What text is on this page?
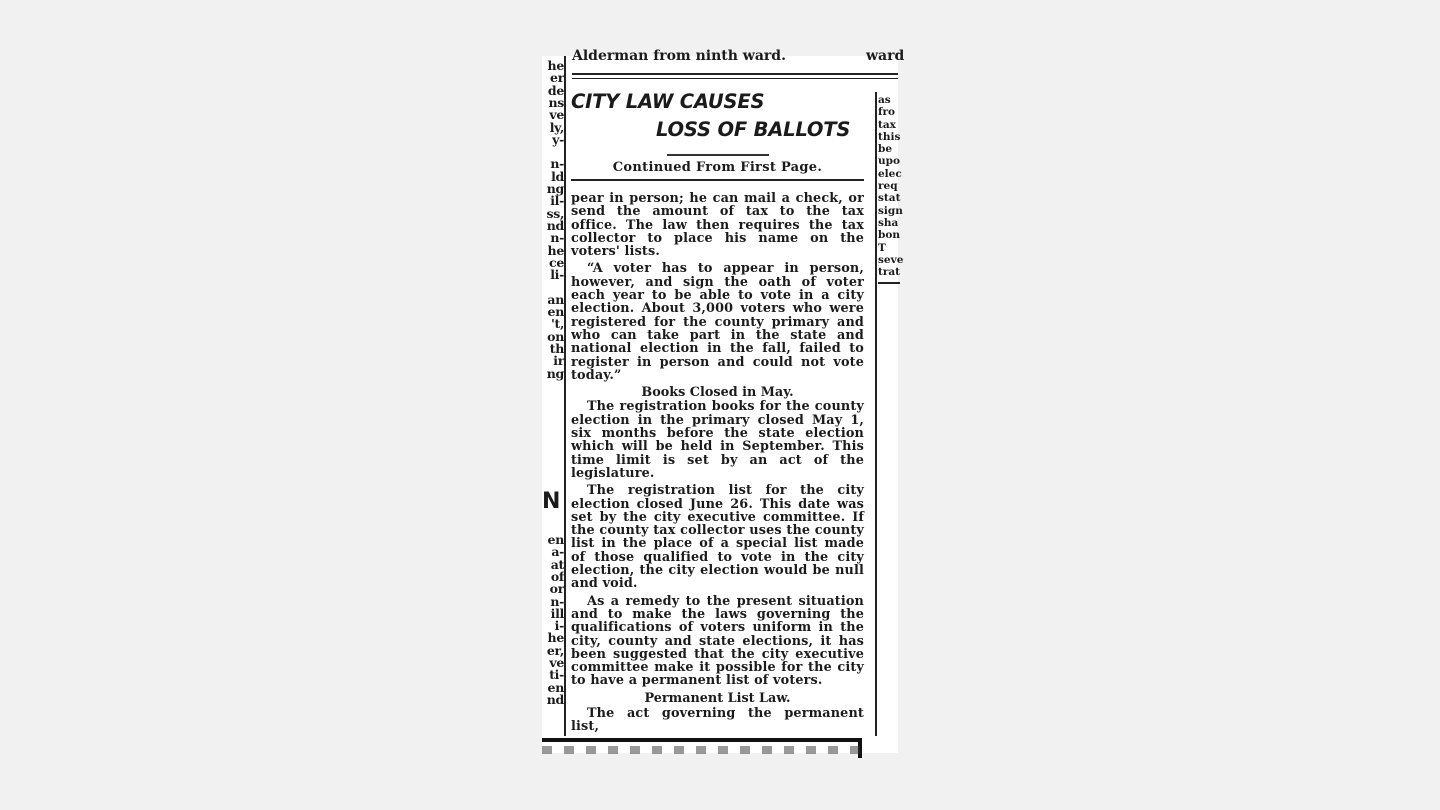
he
er
de
ns
ve
ly,
y-
n-
ld
ng
il-
ss,
nd
n-
he
ce
li-
an
en
't,
on
th
ir
ng
en
a-
at
of
or
n-
ill
i-
he
er,
ve
ti-
en
nd
N
Alderman from ninth ward.	ward
CITY LAW CAUSES
LOSS OF BALLOTS
Continued From First Page.

pear in person; he can mail a check, or send the amount of tax to the tax office. The law then requires the tax collector to place his name on the voters' lists.

“A voter has to appear in person, however, and sign the oath of voter each year to be able to vote in a city election. About 3,000 voters who were registered for the county primary and who can take part in the state and national election in the fall, failed to register in person and could not vote today.”

Books Closed in May.

The registration books for the county election in the primary closed May 1, six months before the state election which will be held in September. This time limit is set by an act of the legislature.

The registration list for the city election closed June 26. This date was set by the city executive committee. If the county tax collector uses the county list in the place of a special list made of those qualified to vote in the city election, the city election would be null and void.

As a remedy to the present situation and to make the laws governing the qualifications of voters uniform in the city, county and state elections, it has been suggested that the city executive committee make it possible for the city to have a permanent list of voters.

Permanent List Law.

The act governing the permanent list,

as
fro
tax
this
be
upo
elec
req
stat
sign
sha
bon
T
seve
trat
